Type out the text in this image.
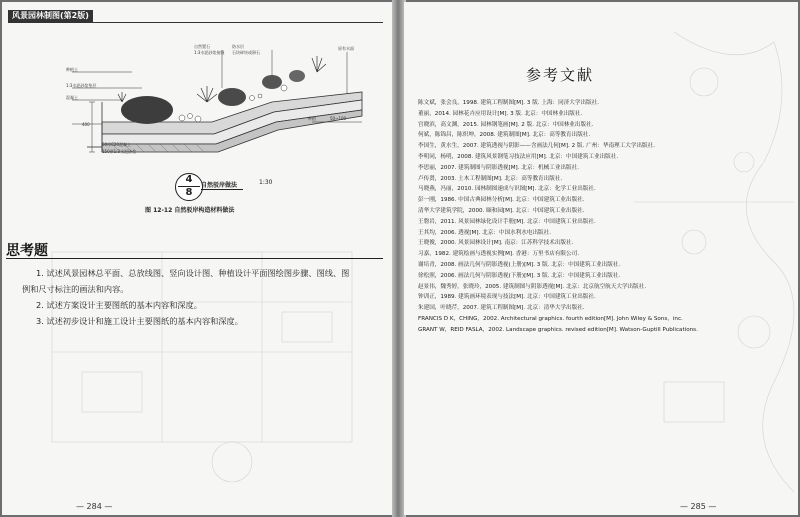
风景园林制图(第2版)
自然置石
1:3水泥砂浆接缝
防水层
石块碎块或卵石
原有水面
种植土
1:3水泥砂浆垫层
混凝土
150厚1:3水泥砂浆
种植	50~100
400
60厚C20混凝土
4
8
自然驳岸做法	1:30
图 12-12 自然驳岸构造材料做法
思考题
1. 试述风景园林总平面、总放线图、竖向设计图、种植设计平面图绘图步骤、图线、图
例和尺寸标注的画法和内容。
2. 试述方案设计主要图纸的基本内容和深度。
3. 试述初步设计和施工设计主要图纸的基本内容和深度。
— 284 —
参考文献
陈文斌，张会良，1998. 建筑工程制图[M]. 3 版. 上海：同济大学出版社.
董丽，2014. 园林花卉应用设计[M]. 3 版. 北京：中国林业出版社.
宫晓滨，高文渊，2015. 园林钢笔画[M]. 2 版. 北京：中国林业出版社.
何斌，陈锦昌，陈炽坤，2008. 建筑制图[M]. 北京：高等教育出版社.
李国生，黄水生，2007. 建筑透视与阴影——含画法几何[M]. 2 版. 广州：华南理工大学出版社.
李明同，杨明，2008. 建筑风景钢笔习技法应用[M]. 北京：中国建筑工业出版社.
李思丽，2007. 建筑制图与阴影透视[M]. 北京：机械工业出版社.
卢传贤，2003. 土木工程制图[M]. 北京：高等教育出版社.
马晓燕，冯丽，2010. 园林制图速成与识图[M]. 北京：化学工业出版社.
彭一刚，1986. 中国古典园林分析[M]. 北京：中国建筑工业出版社.
清华大学建筑学院，2000. 颐和园[M]. 北京：中国建筑工业出版社.
王磐岩，2011. 风景园林绿化设计手册[M]. 北京：中国建筑工业出版社.
王其均，2006. 透视[M]. 北京：中国水利水电出版社.
王晓俊，2000. 风景园林设计[M]. 南京：江苏科学技术出版社.
习嘉，1982. 建筑绘画与透视实例[M]. 香港：万里书店有限公司.
谢培青，2008. 画法几何与阴影透视(上册)[M]. 3 版. 北京：中国建筑工业出版社.
徐松照，2006. 画法几何与阴影透视(下册)[M]. 3 版. 北京：中国建筑工业出版社.
赵景伟，魏秀婷，张晓玲，2005. 建筑制图与阴影透视[M]. 北京：北京航空航天大学出版社.
钟训正，1989. 建筑画环境表现与技法[M]. 北京：中国建筑工业出版社.
朱建国，叶晓芹，2007. 建筑工程制图[M]. 北京：清华大学出版社.
FRANCIS D K，CHING，2002. Architectural graphics. fourth edition[M]. John Wiley & Sons，inc.
GRANT W，REID FASLA，2002. Landscape graphics. revised edition[M]. Watson-Guptill Publications.
— 285 —
